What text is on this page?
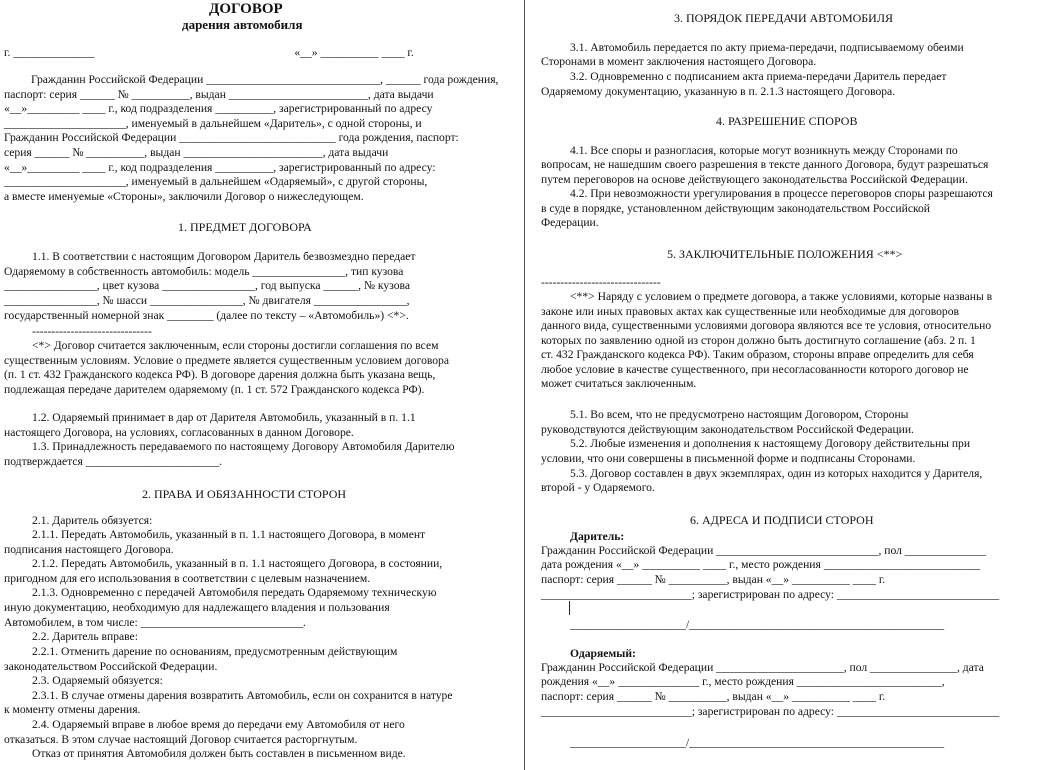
ДОГОВОР
дарения автомобиля
г. ______________                                                                     «__» __________ ____ г.
Гражданин Российской Федерации ______________________________, ______ года рождения,
паспорт: серия ______ № __________, выдан ________________________, дата выдачи
«__»_________ ____ г., код подразделения __________, зарегистрированный по адресу
_____________________, именуемый в дальнейшем «Даритель», с одной стороны, и
Гражданин Российской Федерации ___________________________ года рождения, паспорт:
серия ______ № __________, выдан ________________________, дата выдачи
«__»_________ ____ г., код подразделения __________, зарегистрированный по адресу:
_____________________, именуемый в дальнейшем «Одаряемый», с другой стороны,
а вместе именуемые «Стороны», заключили Договор о нижеследующем.
1. ПРЕДМЕТ ДОГОВОРА
1.1. В соответствии с настоящим Договором Даритель безвозмездно передает
Одаряемому в собственность автомобиль: модель ________________, тип кузова
________________, цвет кузова ________________, год выпуска ______, № кузова
________________, № шасси ________________, № двигателя ________________,
государственный номерной знак ________ (далее по тексту – «Автомобиль») <*>.
-------------------------------
<*> Договор считается заключенным, если стороны достигли соглашения по всем
существенным условиям. Условие о предмете является существенным условием договора
(п. 1 ст. 432 Гражданского кодекса РФ). В договоре дарения должна быть указана вещь,
подлежащая передаче дарителем одаряемому (п. 1 ст. 572 Гражданского кодекса РФ).
1.2. Одаряемый принимает в дар от Дарителя Автомобиль, указанный в п. 1.1
настоящего Договора, на условиях, согласованных в данном Договоре.
1.3. Принадлежность передаваемого по настоящему Договору Автомобиля Дарителю
подтверждается _______________________.
2. ПРАВА И ОБЯЗАННОСТИ СТОРОН
2.1. Даритель обязуется:
2.1.1. Передать Автомобиль, указанный в п. 1.1 настоящего Договора, в момент
подписания настоящего Договора.
2.1.2. Передать Автомобиль, указанный в п. 1.1 настоящего Договора, в состоянии,
пригодном для его использования в соответствии с целевым назначением.
2.1.3. Одновременно с передачей Автомобиля передать Одаряемому техническую
иную документацию, необходимую для надлежащего владения и пользования
Автомобилем, в том числе: ____________________________.
2.2. Даритель вправе:
2.2.1. Отменить дарение по основаниям, предусмотренным действующим
законодательством Российской Федерации.
2.3. Одаряемый обязуется:
2.3.1. В случае отмены дарения возвратить Автомобиль, если он сохранится в натуре
к моменту отмены дарения.
2.4. Одаряемый вправе в любое время до передачи ему Автомобиля от него
отказаться. В этом случае настоящий Договор считается расторгнутым.
Отказ от принятия Автомобиля должен быть составлен в письменном виде.
3. ПОРЯДОК ПЕРЕДАЧИ АВТОМОБИЛЯ
3.1. Автомобиль передается по акту приема-передачи, подписываемому обеими
Сторонами в момент заключения настоящего Договора.
3.2. Одновременно с подписанием акта приема-передачи Даритель передает
Одаряемому документацию, указанную в п. 2.1.3 настоящего Договора.
4. РАЗРЕШЕНИЕ СПОРОВ
4.1. Все споры и разногласия, которые могут возникнуть между Сторонами по
вопросам, не нашедшим своего разрешения в тексте данного Договора, будут разрешаться
путем переговоров на основе действующего законодательства Российской Федерации.
4.2. При невозможности урегулирования в процессе переговоров споры разрешаются
в суде в порядке, установленном действующим законодательством Российской
Федерации.
5. ЗАКЛЮЧИТЕЛЬНЫЕ ПОЛОЖЕНИЯ <**>
-------------------------------
<**> Наряду с условием о предмете договора, а также условиями, которые названы в
законе или иных правовых актах как существенные или необходимые для договоров
данного вида, существенными условиями договора являются все те условия, относительно
которых по заявлению одной из сторон должно быть достигнуто соглашение (абз. 2 п. 1
ст. 432 Гражданского кодекса РФ). Таким образом, стороны вправе определить для себя
любое условие в качестве существенного, при несогласованности которого договор не
может считаться заключенным.
5.1. Во всем, что не предусмотрено настоящим Договором, Стороны
руководствуются действующим законодательством Российской Федерации.
5.2. Любые изменения и дополнения к настоящему Договору действительны при
условии, что они совершены в письменной форме и подписаны Сторонами.
5.3. Договор составлен в двух экземплярах, один из которых находится у Дарителя,
второй - у Одаряемого.
6. АДРЕСА И ПОДПИСИ СТОРОН
Даритель:
Гражданин Российской Федерации ____________________________, пол ______________
дата рождения «__» __________ ____ г., место рождения ___________________________
паспорт: серия ______ № __________, выдан «__» __________ ____ г.
__________________________; зарегистрирован по адресу: ____________________________
____________________/____________________________________________
Одаряемый:
Гражданин Российской Федерации ______________________, пол _______________, дата
рождения «__» ______________ г., место рождения _________________________,
паспорт: серия ______ № __________, выдан «__» __________ ____ г.
__________________________; зарегистрирован по адресу: ____________________________
____________________/____________________________________________
